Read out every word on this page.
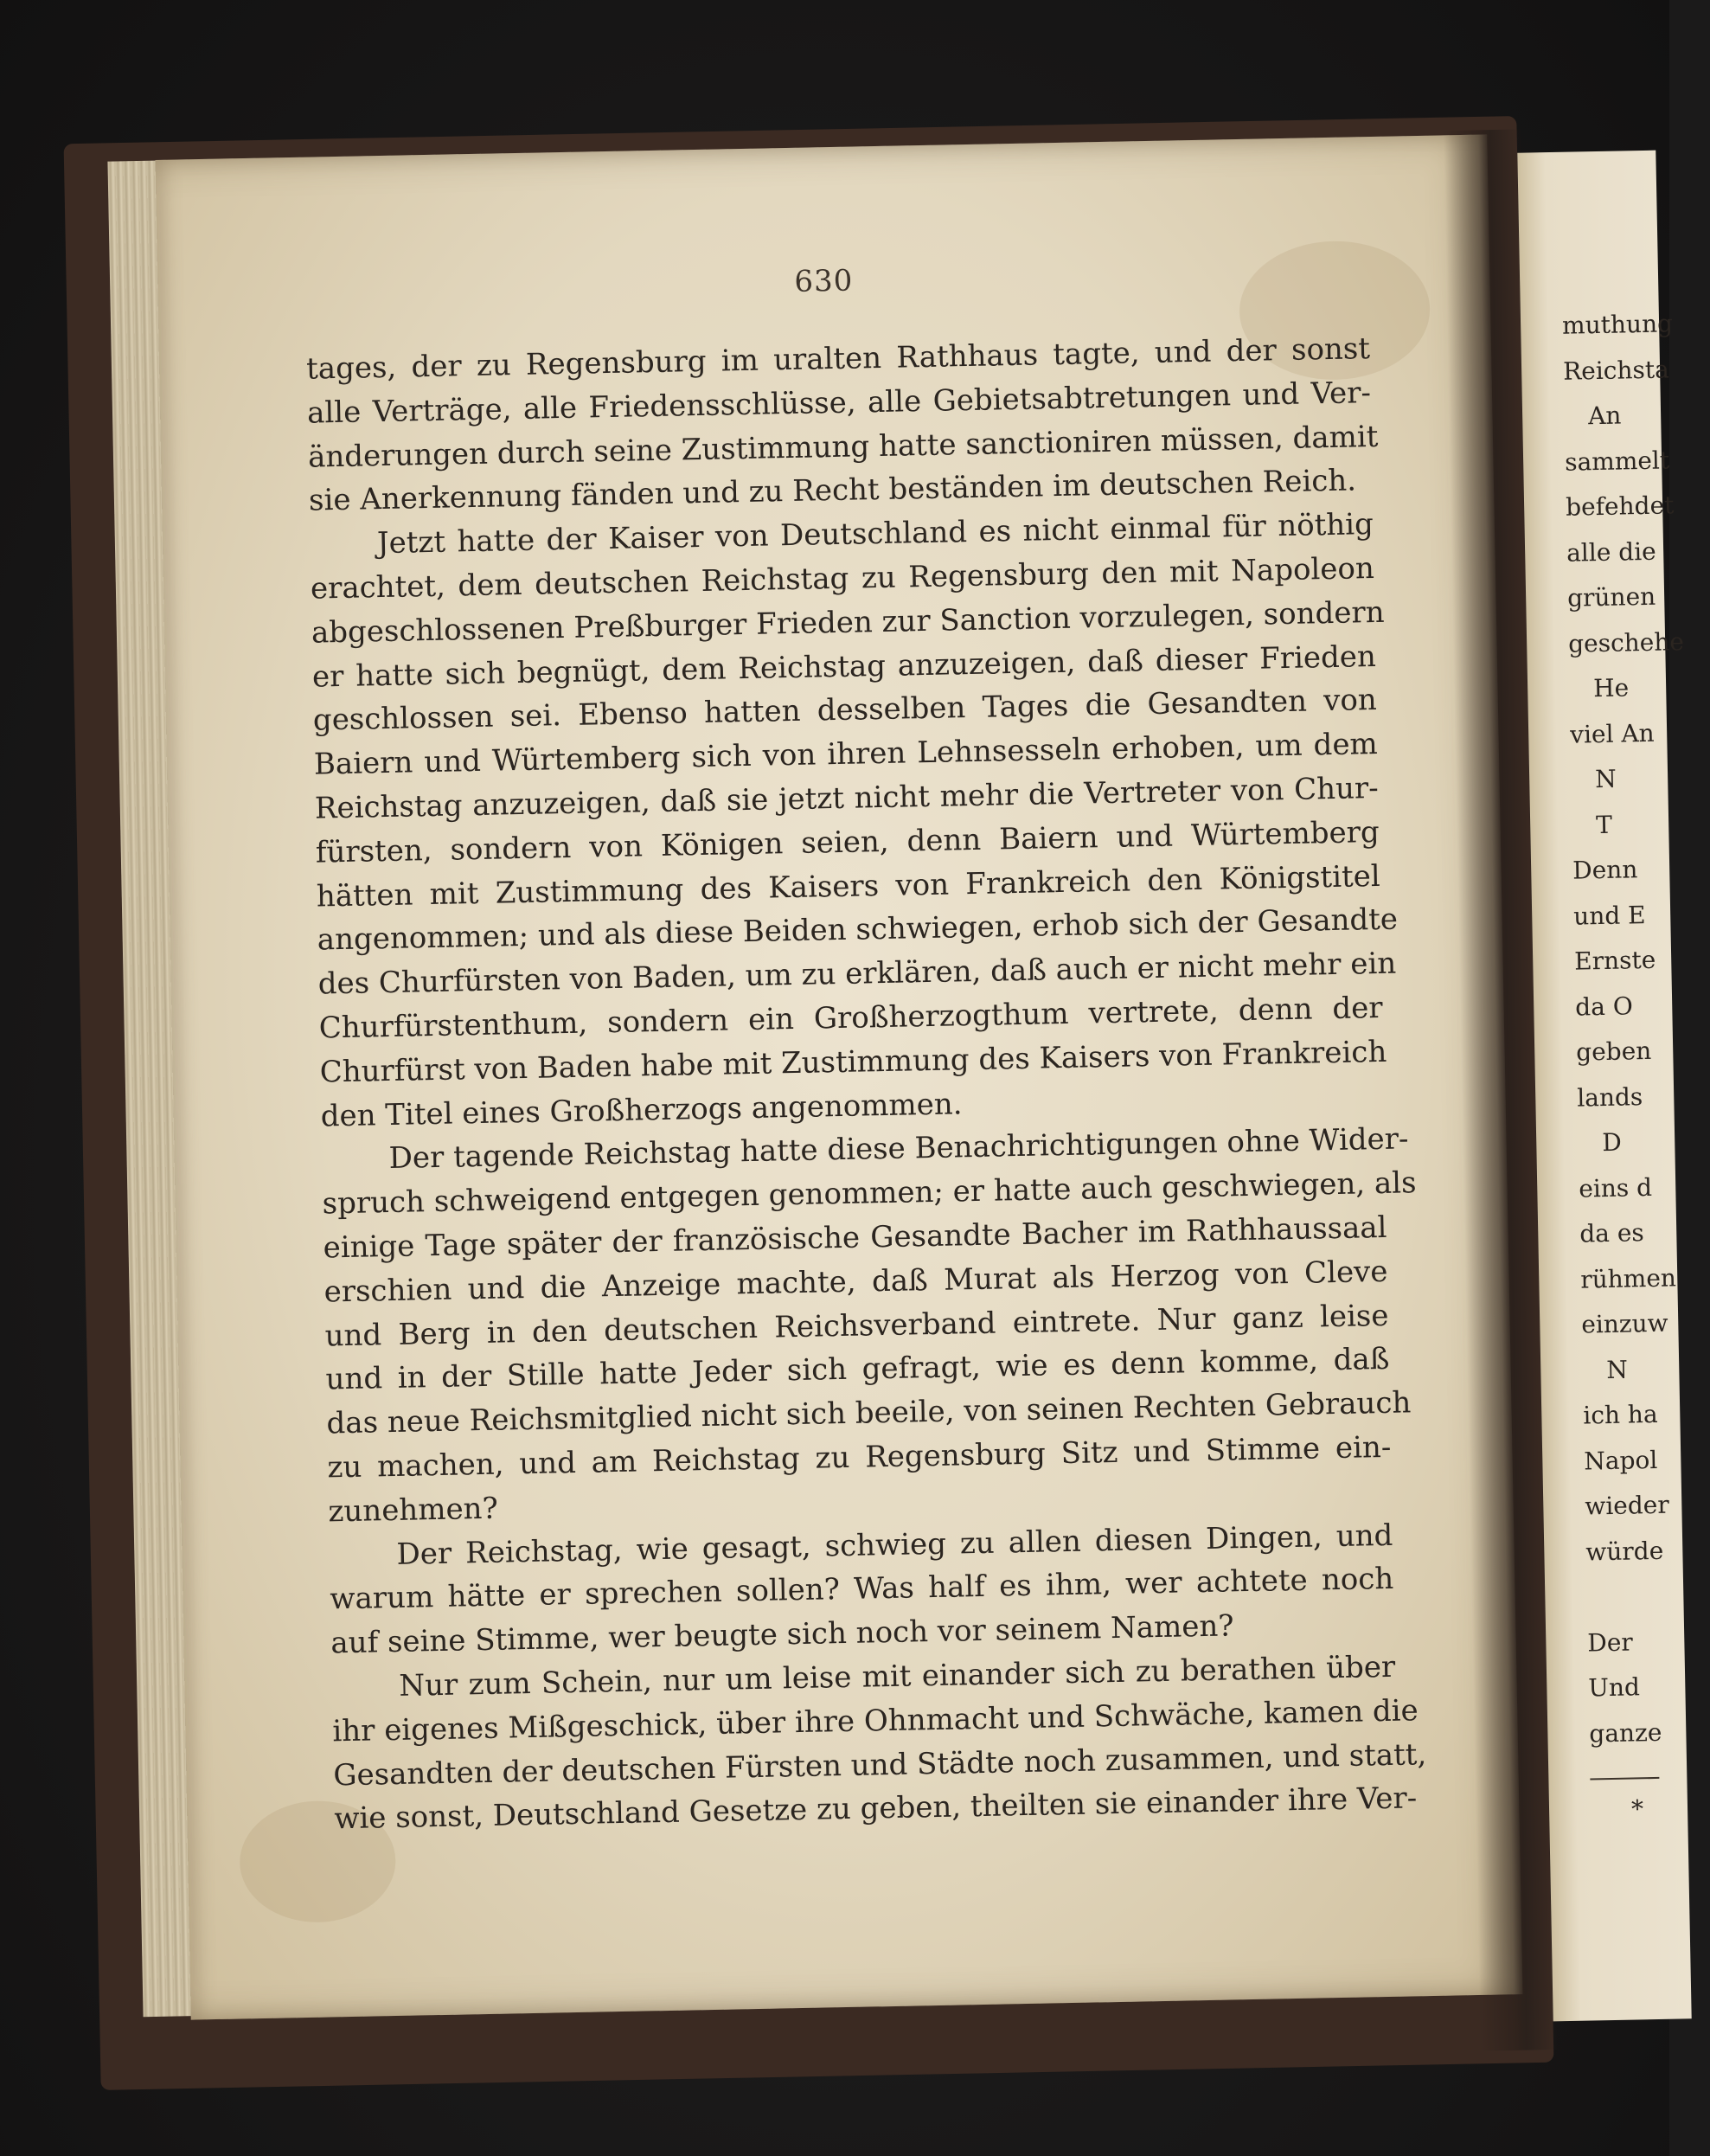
630
tages, der zu Regensburg im uralten Rathhaus tagte, und der sonst
alle Verträge, alle Friedensschlüsse, alle Gebietsabtretungen und Ver-
änderungen durch seine Zustimmung hatte sanctioniren müssen, damit
sie Anerkennung fänden und zu Recht beständen im deutschen Reich.
Jetzt hatte der Kaiser von Deutschland es nicht einmal für nöthig
erachtet, dem deutschen Reichstag zu Regensburg den mit Napoleon
abgeschlossenen Preßburger Frieden zur Sanction vorzulegen, sondern
er hatte sich begnügt, dem Reichstag anzuzeigen, daß dieser Frieden
geschlossen sei. Ebenso hatten desselben Tages die Gesandten von
Baiern und Würtemberg sich von ihren Lehnsesseln erhoben, um dem
Reichstag anzuzeigen, daß sie jetzt nicht mehr die Vertreter von Chur-
fürsten, sondern von Königen seien, denn Baiern und Würtemberg
hätten mit Zustimmung des Kaisers von Frankreich den Königstitel
angenommen; und als diese Beiden schwiegen, erhob sich der Gesandte
des Churfürsten von Baden, um zu erklären, daß auch er nicht mehr ein
Churfürstenthum, sondern ein Großherzogthum vertrete, denn der
Churfürst von Baden habe mit Zustimmung des Kaisers von Frankreich
den Titel eines Großherzogs angenommen.
Der tagende Reichstag hatte diese Benachrichtigungen ohne Wider-
spruch schweigend entgegen genommen; er hatte auch geschwiegen, als
einige Tage später der französische Gesandte Bacher im Rathhaussaal
erschien und die Anzeige machte, daß Murat als Herzog von Cleve
und Berg in den deutschen Reichsverband eintrete. Nur ganz leise
und in der Stille hatte Jeder sich gefragt, wie es denn komme, daß
das neue Reichsmitglied nicht sich beeile, von seinen Rechten Gebrauch
zu machen, und am Reichstag zu Regensburg Sitz und Stimme ein-
zunehmen?
Der Reichstag, wie gesagt, schwieg zu allen diesen Dingen, und
warum hätte er sprechen sollen? Was half es ihm, wer achtete noch
auf seine Stimme, wer beugte sich noch vor seinem Namen?
Nur zum Schein, nur um leise mit einander sich zu berathen über
ihr eigenes Mißgeschick, über ihre Ohnmacht und Schwäche, kamen die
Gesandten der deutschen Fürsten und Städte noch zusammen, und statt,
wie sonst, Deutschland Gesetze zu geben, theilten sie einander ihre Ver-
muthung
Reichsta
An
sammelt
befehdet
alle die
grünen
geschehe
He
viel An
N
T
Denn
und E
Ernste
da O
geben
lands
D
eins d
da es
rühmen
einzuw
N
ich ha
Napol
wieder
würde
Der
Und
ganze
*
